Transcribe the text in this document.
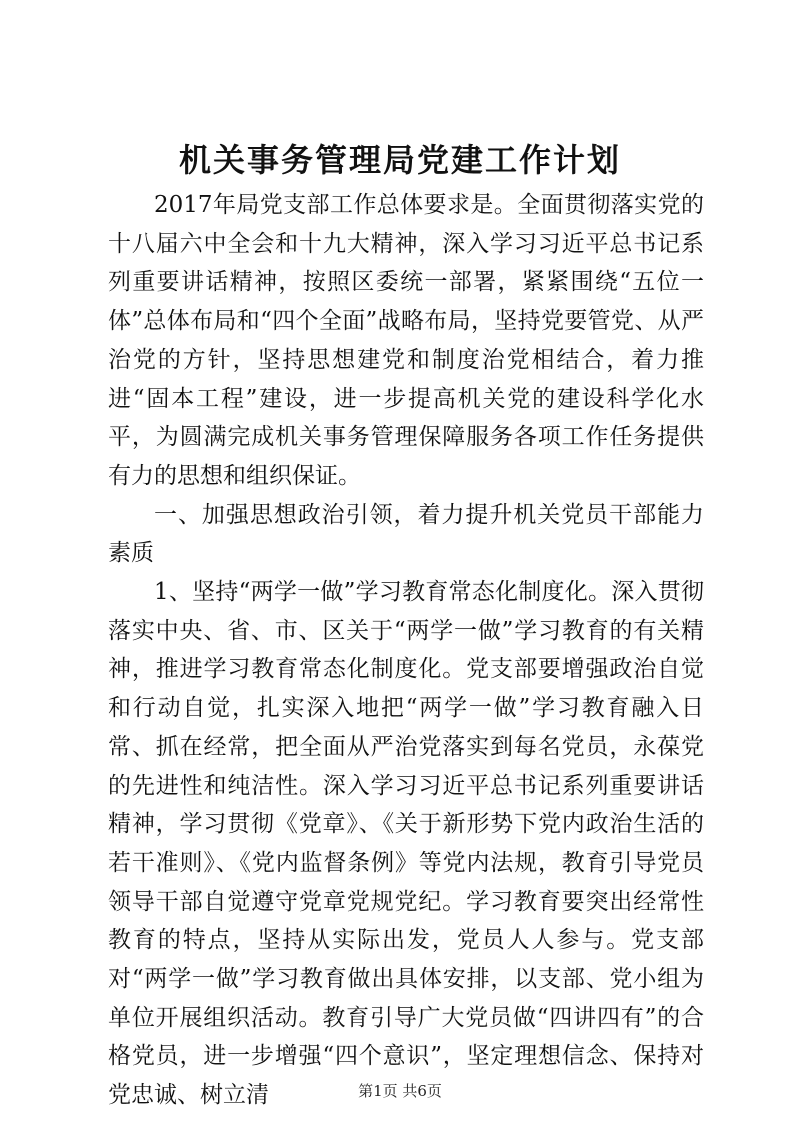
机关事务管理局党建工作计划

2017年局党支部工作总体要求是。全面贯彻落实党的十八届六中全会和十九大精神，深入学习习近平总书记系列重要讲话精神，按照区委统一部署，紧紧围绕“五位一体”总体布局和“四个全面”战略布局，坚持党要管党、从严治党的方针，坚持思想建党和制度治党相结合，着力推进“固本工程”建设，进一步提高机关党的建设科学化水平，为圆满完成机关事务管理保障服务各项工作任务提供有力的思想和组织保证。

一、加强思想政治引领，着力提升机关党员干部能力素质

1、坚持“两学一做”学习教育常态化制度化。深入贯彻落实中央、省、市、区关于“两学一做”学习教育的有关精神，推进学习教育常态化制度化。党支部要增强政治自觉和行动自觉，扎实深入地把“两学一做”学习教育融入日常、抓在经常，把全面从严治党落实到每名党员，永葆党的先进性和纯洁性。深入学习习近平总书记系列重要讲话精神，学习贯彻《党章》、《关于新形势下党内政治生活的若干准则》、《党内监督条例》等党内法规，教育引导党员领导干部自觉遵守党章党规党纪。学习教育要突出经常性教育的特点，坚持从实际出发，党员人人参与。党支部对“两学一做”学习教育做出具体安排，以支部、党小组为单位开展组织活动。教育引导广大党员做“四讲四有”的合格党员，进一步增强“四个意识”，坚定理想信念、保持对党忠诚、树立清	第1页 共6页
